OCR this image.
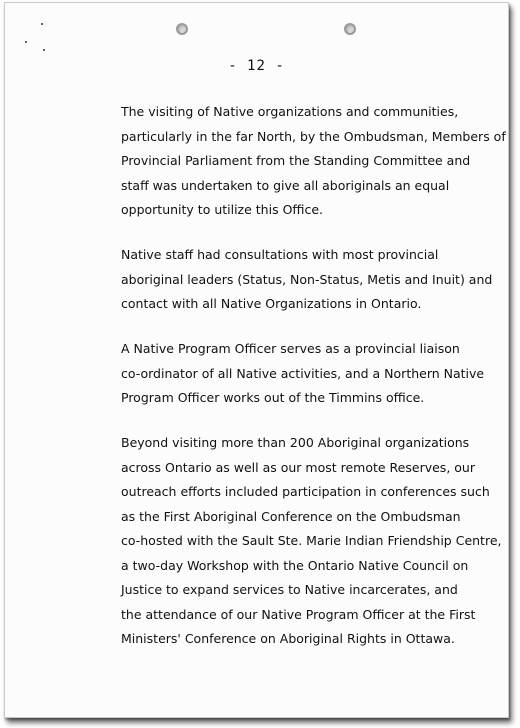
- 12 -
The visiting of Native organizations and communities,
particularly in the far North, by the Ombudsman, Members of
Provincial Parliament from the Standing Committee and
staff was undertaken to give all aboriginals an equal
opportunity to utilize this Office.
Native staff had consultations with most provincial
aboriginal leaders (Status, Non-Status, Metis and Inuit) and
contact with all Native Organizations in Ontario.
A Native Program Officer serves as a provincial liaison
co-ordinator of all Native activities, and a Northern Native
Program Officer works out of the Timmins office.
Beyond visiting more than 200 Aboriginal organizations
across Ontario as well as our most remote Reserves, our
outreach efforts included participation in conferences such
as the First Aboriginal Conference on the Ombudsman
co-hosted with the Sault Ste. Marie Indian Friendship Centre,
a two-day Workshop with the Ontario Native Council on
Justice to expand services to Native incarcerates, and
the attendance of our Native Program Officer at the First
Ministers' Conference on Aboriginal Rights in Ottawa.
